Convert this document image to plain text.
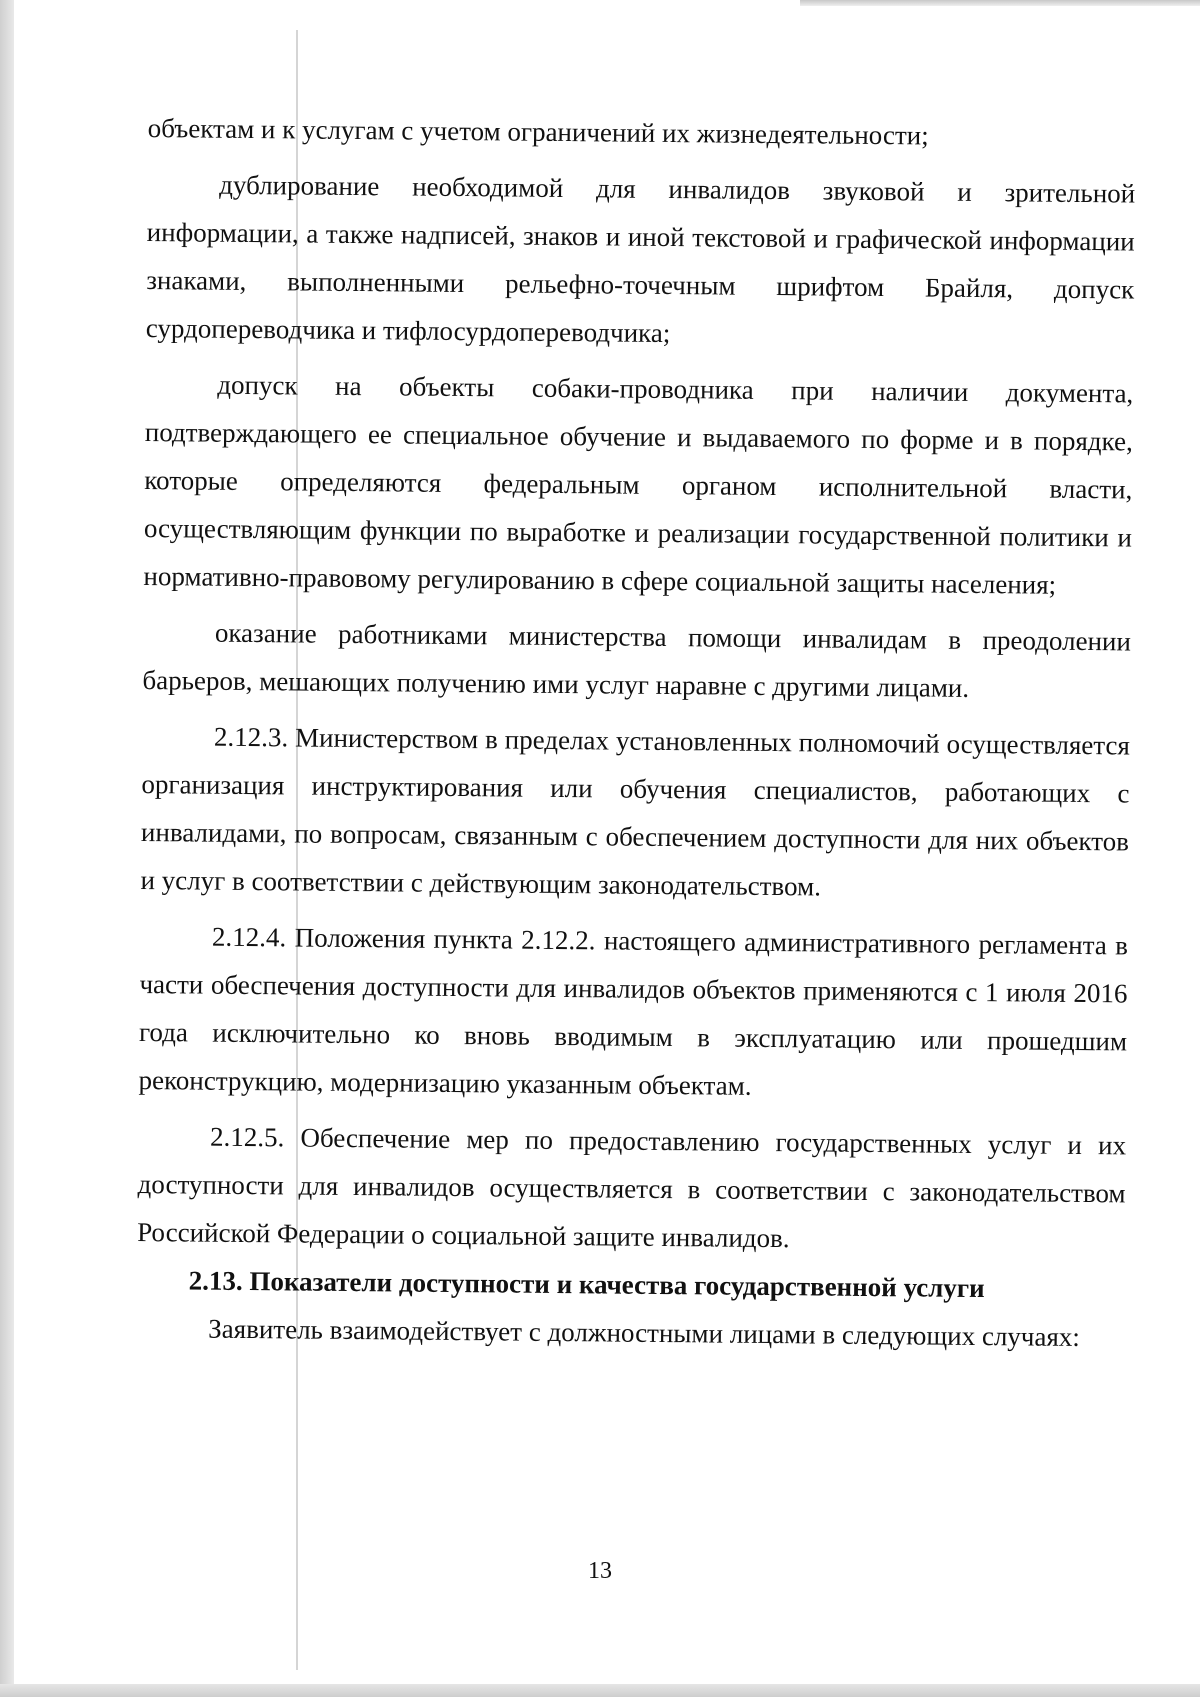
объектам и к услугам с учетом ограничений их жизнедеятельности;

дублирование необходимой для инвалидов звуковой и зрительной информации, а также надписей, знаков и иной текстовой и графической информации знаками, выполненными рельефно-точечным шрифтом Брайля, допуск сурдопереводчика и тифлосурдопереводчика;

допуск на объекты собаки-проводника при наличии документа, подтверждающего ее специальное обучение и выдаваемого по форме и в порядке, которые определяются федеральным органом исполнительной власти, осуществляющим функции по выработке и реализации государственной политики и нормативно-правовому регулированию в сфере социальной защиты населения;

оказание работниками министерства помощи инвалидам в преодолении барьеров, мешающих получению ими услуг наравне с другими лицами.

2.12.3. Министерством в пределах установленных полномочий осуществляется организация инструктирования или обучения специалистов, работающих с инвалидами, по вопросам, связанным с обеспечением доступности для них объектов и услуг в соответствии с действующим законодательством.

2.12.4. Положения пункта 2.12.2. настоящего административного регламента в части обеспечения доступности для инвалидов объектов применяются с 1 июля 2016 года исключительно ко вновь вводимым в эксплуатацию или прошедшим реконструкцию, модернизацию указанным объектам.

2.12.5. Обеспечение мер по предоставлению государственных услуг и их доступности для инвалидов осуществляется в соответствии с законодательством Российской Федерации о социальной защите инвалидов.

2.13. Показатели доступности и качества государственной услуги

Заявитель взаимодействует с должностными лицами в следующих случаях:

13
